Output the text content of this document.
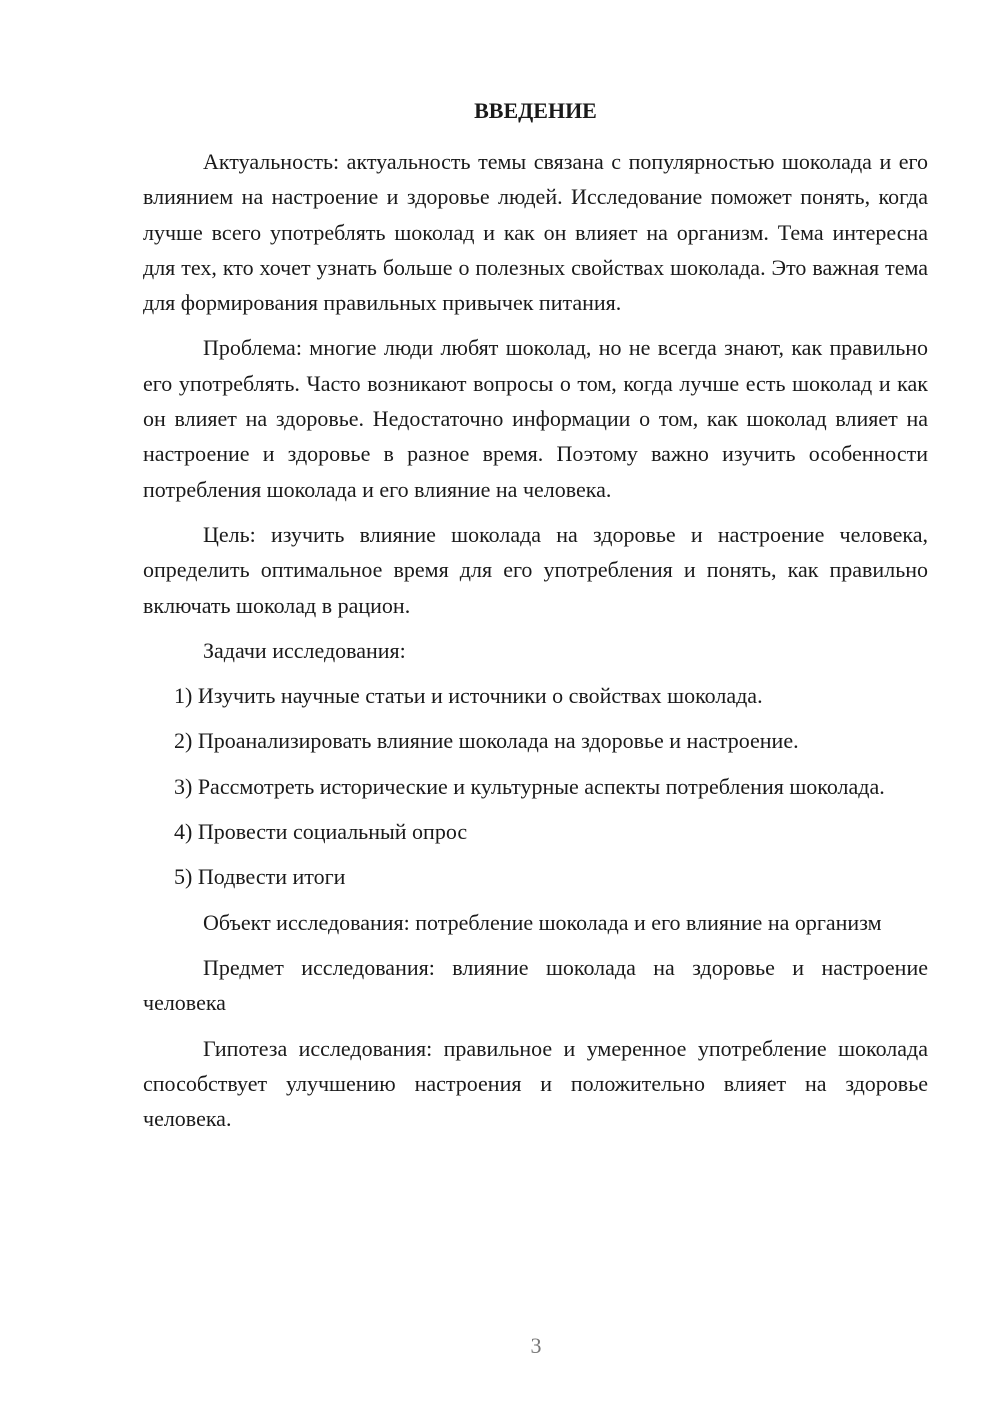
ВВЕДЕНИЕ

Актуальность: актуальность темы связана с популярностью шоколада и его влиянием на настроение и здоровье людей. Исследование поможет понять, когда лучше всего употреблять шоколад и как он влияет на организм. Тема интересна для тех, кто хочет узнать больше о полезных свойствах шоколада. Это важная тема для формирования правильных привычек питания.

Проблема: многие люди любят шоколад, но не всегда знают, как правильно его употреблять. Часто возникают вопросы о том, когда лучше есть шоколад и как он влияет на здоровье. Недостаточно информации о том, как шоколад влияет на настроение и здоровье в разное время. Поэтому важно изучить особенности потребления шоколада и его влияние на человека.

Цель: изучить влияние шоколада на здоровье и настроение человека, определить оптимальное время для его употребления и понять, как правильно включать шоколад в рацион.

Задачи исследования:

1) Изучить научные статьи и источники о свойствах шоколада.

2) Проанализировать влияние шоколада на здоровье и настроение.

3) Рассмотреть исторические и культурные аспекты потребления шоколада.

4) Провести социальный опрос

5) Подвести итоги

Объект исследования: потребление шоколада и его влияние на организм

Предмет исследования: влияние шоколада на здоровье и настроение человека

Гипотеза исследования: правильное и умеренное употребление шоколада способствует улучшению настроения и положительно влияет на здоровье человека.

3
